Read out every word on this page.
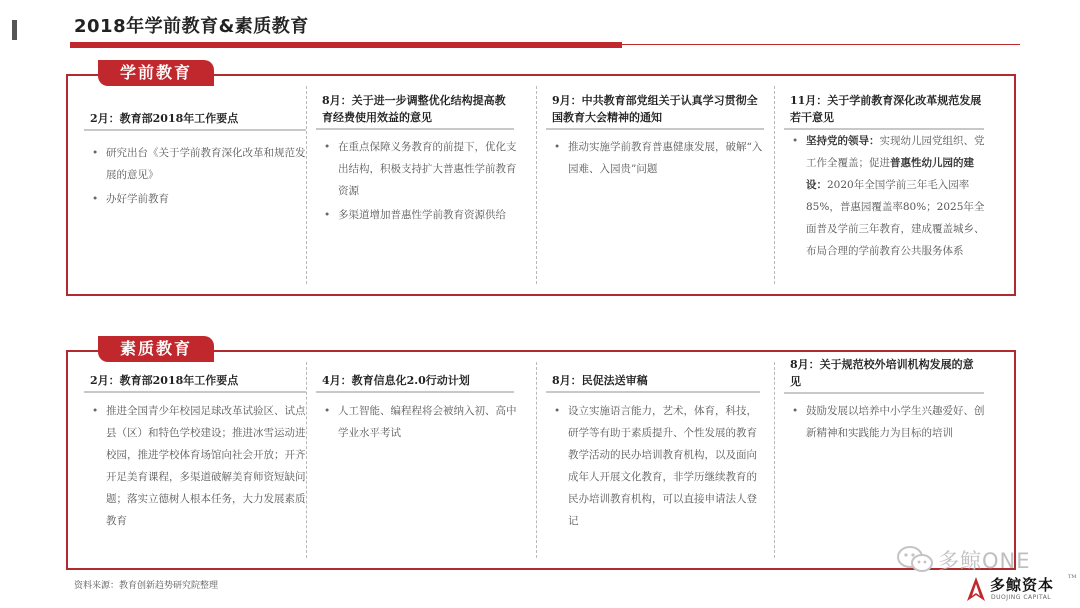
2018年学前教育&素质教育
学前教育
2月：教育部2018年工作要点
• 研究出台《关于学前教育深化改革和规范发展的意见》
• 办好学前教育
8月：关于进一步调整优化结构提高教育经费使用效益的意见
• 在重点保障义务教育的前提下，优化支出结构，积极支持扩大普惠性学前教育资源
• 多渠道增加普惠性学前教育资源供给
9月：中共教育部党组关于认真学习贯彻全国教育大会精神的通知
• 推动实施学前教育普惠健康发展，破解“入园难、入园贵”问题
11月：关于学前教育深化改革规范发展若干意见
• 坚持党的领导：实现幼儿园党组织、党工作全覆盖；促进普惠性幼儿园的建设：2020年全国学前三年毛入园率85%，普惠园覆盖率80%；2025年全面普及学前三年教育，建成覆盖城乡、布局合理的学前教育公共服务体系
素质教育
2月：教育部2018年工作要点
• 推进全国青少年校园足球改革试验区、试点县（区）和特色学校建设；推进冰雪运动进校园，推进学校体育场馆向社会开放；开齐开足美育课程，多渠道破解美育师资短缺问题；落实立德树人根本任务，大力发展素质教育
4月：教育信息化2.0行动计划
• 人工智能、编程程将会被纳入初、高中学业水平考试
8月：民促法送审稿
• 设立实施语言能力，艺术，体育，科技，研学等有助于素质提升、个性发展的教育教学活动的民办培训教育机构，以及面向成年人开展文化教育，非学历继续教育的民办培训教育机构，可以直接申请法人登记
8月：关于规范校外培训机构发展的意见
• 鼓励发展以培养中小学生兴趣爱好、创新精神和实践能力为目标的培训
资料来源：教育创新趋势研究院整理
多鲸ONE
多鲸资本
DUOJING CAPITAL
TM
